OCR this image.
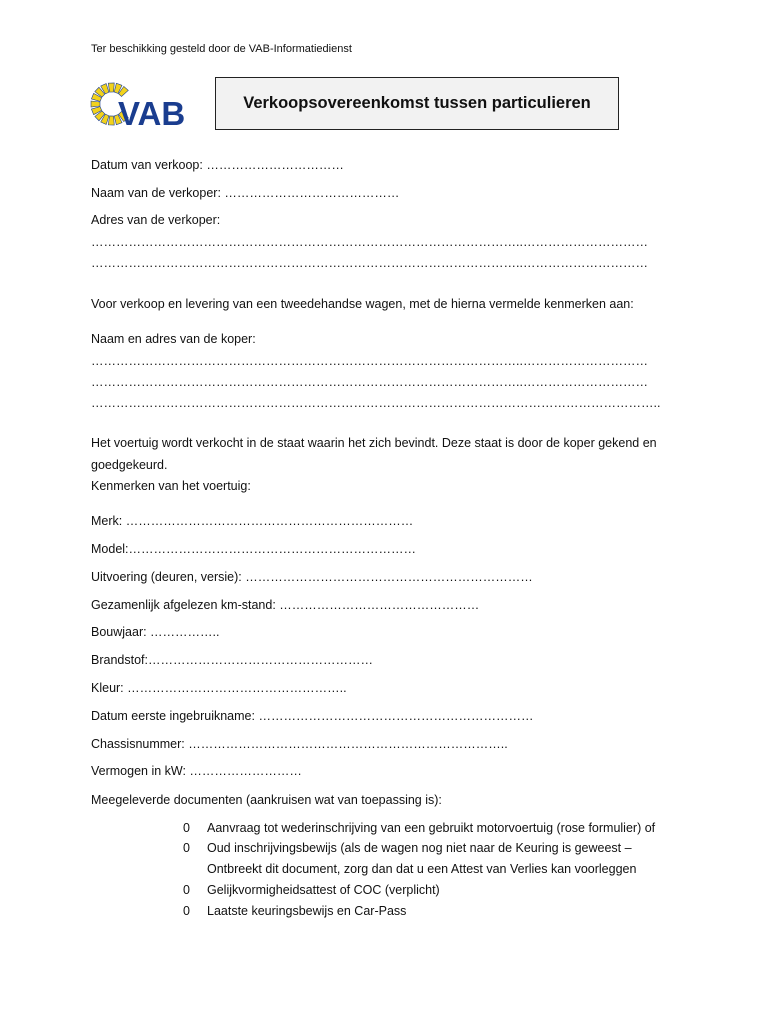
Ter beschikking gesteld door de VAB-Informatiedienst
VAB	Verkoopsovereenkomst tussen particulieren
Datum van verkoop: ……………………………
Naam van de verkoper: ……………………………………
Adres van de verkoper:
…………………………………………………………………………………………..…………………………
…………………………………………………………………………………………..…………………………
Voor verkoop en levering van een tweedehandse wagen, met de hierna vermelde kenmerken aan:
Naam en adres van de koper:
…………………………………………………………………………………………..…………………………
…………………………………………………………………………………………..…………………………
………………………………………………………………………………………………………………………..
Het voertuig wordt verkocht in de staat waarin het zich bevindt. Deze staat is door de koper gekend en
goedgekeurd.
Kenmerken van het voertuig:
Merk: ……………………………………………………………
Model:……………………………………………………………
Uitvoering (deuren, versie): ……………………………………………………………
Gezamenlijk afgelezen km-stand: …………………………………………
Bouwjaar: ……………..
Brandstof:………………………………………………
Kleur: ……………………………………………..
Datum eerste ingebruikname: …………………………………………………………
Chassisnummer: …………………………………………………………………..
Vermogen in kW: ………………………
Meegeleverde documenten (aankruisen wat van toepassing is):
0 Aanvraag tot wederinschrijving van een gebruikt motorvoertuig (rose formulier) of
0 Oud inschrijvingsbewijs (als de wagen nog niet naar de Keuring is geweest –
Ontbreekt dit document, zorg dan dat u een Attest van Verlies kan voorleggen
0 Gelijkvormigheidsattest of COC (verplicht)
0 Laatste keuringsbewijs en Car-Pass
